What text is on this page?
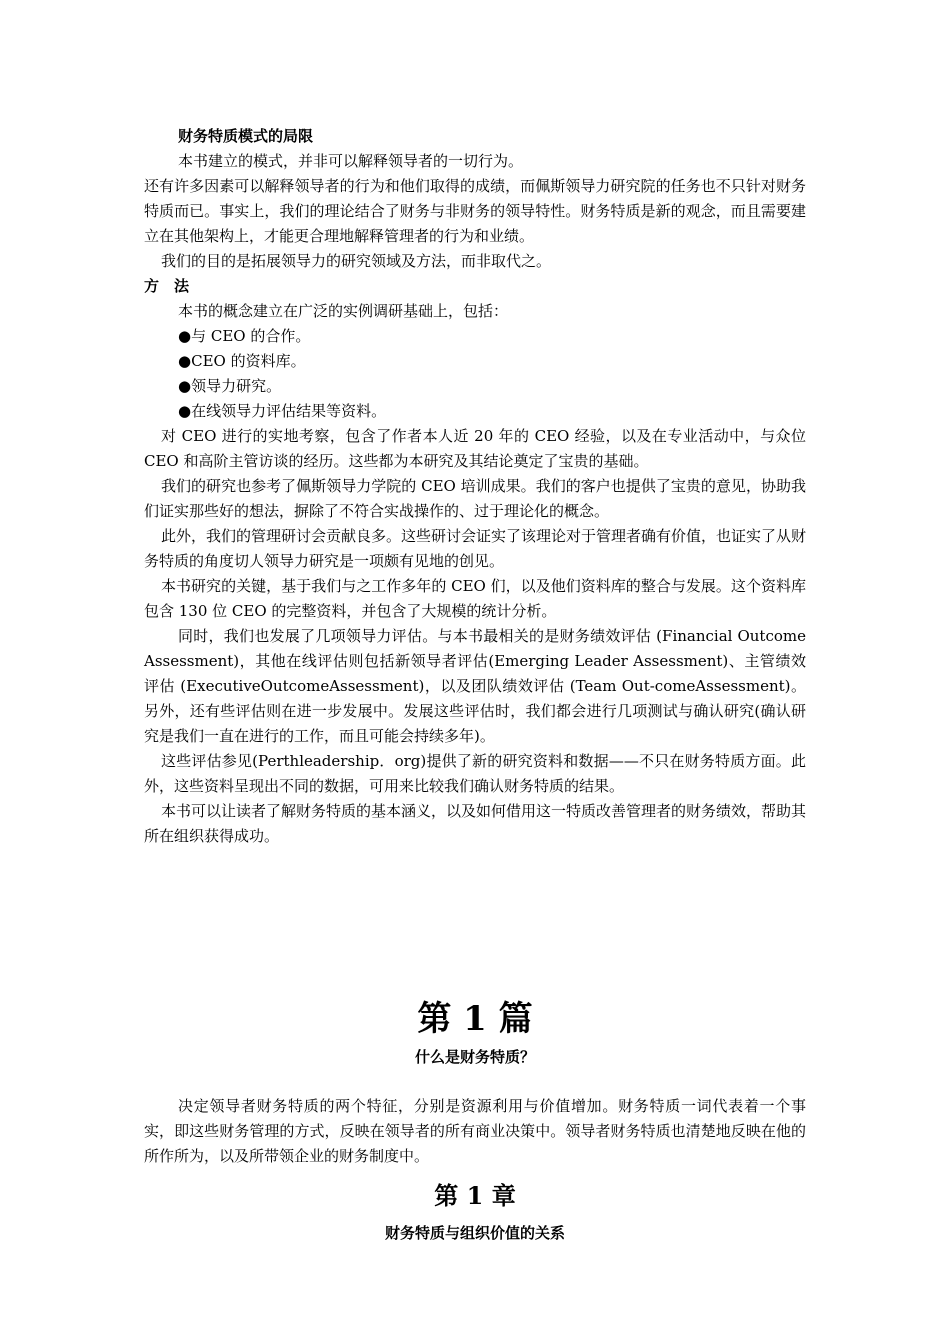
财务特质模式的局限

本书建立的模式，并非可以解释领导者的一切行为。

还有许多因素可以解释领导者的行为和他们取得的成绩，而佩斯领导力研究院的任务也不只针对财务特质而已。事实上，我们的理论结合了财务与非财务的领导特性。财务特质是新的观念，而且需要建立在其他架构上，才能更合理地解释管理者的行为和业绩。

我们的目的是拓展领导力的研究领域及方法，而非取代之。

方　法

本书的概念建立在广泛的实例调研基础上，包括：

●与 CEO 的合作。

●CEO 的资料库。

●领导力研究。

●在线领导力评估结果等资料。

对 CEO 进行的实地考察，包含了作者本人近 20 年的 CEO 经验，以及在专业活动中，与众位 CEO 和高阶主管访谈的经历。这些都为本研究及其结论奠定了宝贵的基础。

我们的研究也参考了佩斯领导力学院的 CEO 培训成果。我们的客户也提供了宝贵的意见，协助我们证实那些好的想法，摒除了不符合实战操作的、过于理论化的概念。

此外，我们的管理研讨会贡献良多。这些研讨会证实了该理论对于管理者确有价值，也证实了从财务特质的角度切人领导力研究是一项颇有见地的创见。

本书研究的关键，基于我们与之工作多年的 CEO 们，以及他们资料库的整合与发展。这个资料库包含 130 位 CEO 的完整资料，并包含了大规模的统计分析。

同时，我们也发展了几项领导力评估。与本书最相关的是财务绩效评估 (Financial Outcome Assessment)，其他在线评估则包括新领导者评估(Emerging Leader Assessment)、主管绩效评估 (ExecutiveOutcomeAssessment)，以及团队绩效评估 (Team Out-comeAssessment)。另外，还有些评估则在进一步发展中。发展这些评估时，我们都会进行几项测试与确认研究(确认研究是我们一直在进行的工作，而且可能会持续多年)。

这些评估参见(Perthleadership．org)提供了新的研究资料和数据——不只在财务特质方面。此外，这些资料呈现出不同的数据，可用来比较我们确认财务特质的结果。

本书可以让读者了解财务特质的基本涵义，以及如何借用这一特质改善管理者的财务绩效，帮助其所在组织获得成功。

第 1 篇
什么是财务特质？

决定领导者财务特质的两个特征，分别是资源利用与价值增加。财务特质一词代表着一个事实，即这些财务管理的方式，反映在领导者的所有商业决策中。领导者财务特质也清楚地反映在他的所作所为，以及所带领企业的财务制度中。

第 1 章
财务特质与组织价值的关系
